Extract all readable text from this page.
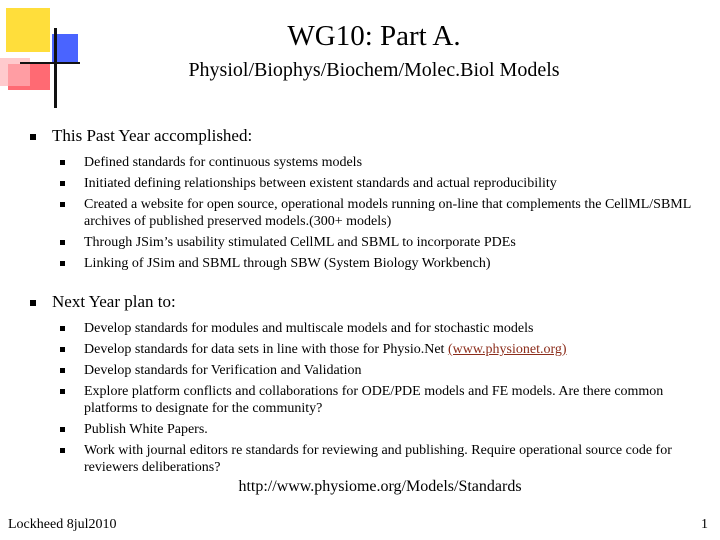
WG10: Part A.
Physiol/Biophys/Biochem/Molec.Biol Models
This Past Year accomplished:
Defined standards for continuous systems models
Initiated defining relationships between existent standards and actual reproducibility
Created a website for open source, operational models running on-line that complements the CellML/SBML archives of published preserved models.(300+ models)
Through JSim’s usability stimulated CellML and SBML to incorporate PDEs
Linking of JSim and SBML through SBW (System Biology Workbench)
Next Year plan to:
Develop standards for modules and multiscale models and for stochastic models
Develop standards for data sets in line with those for Physio.Net (www.physionet.org)
Develop standards for Verification and Validation
Explore platform conflicts and collaborations for ODE/PDE models and FE models. Are there common platforms to designate for the community?
Publish White Papers.
Work with journal editors re standards for reviewing and publishing. Require operational source code for reviewers deliberations?
http://www.physiome.org/Models/Standards
Lockheed 8jul2010	1
